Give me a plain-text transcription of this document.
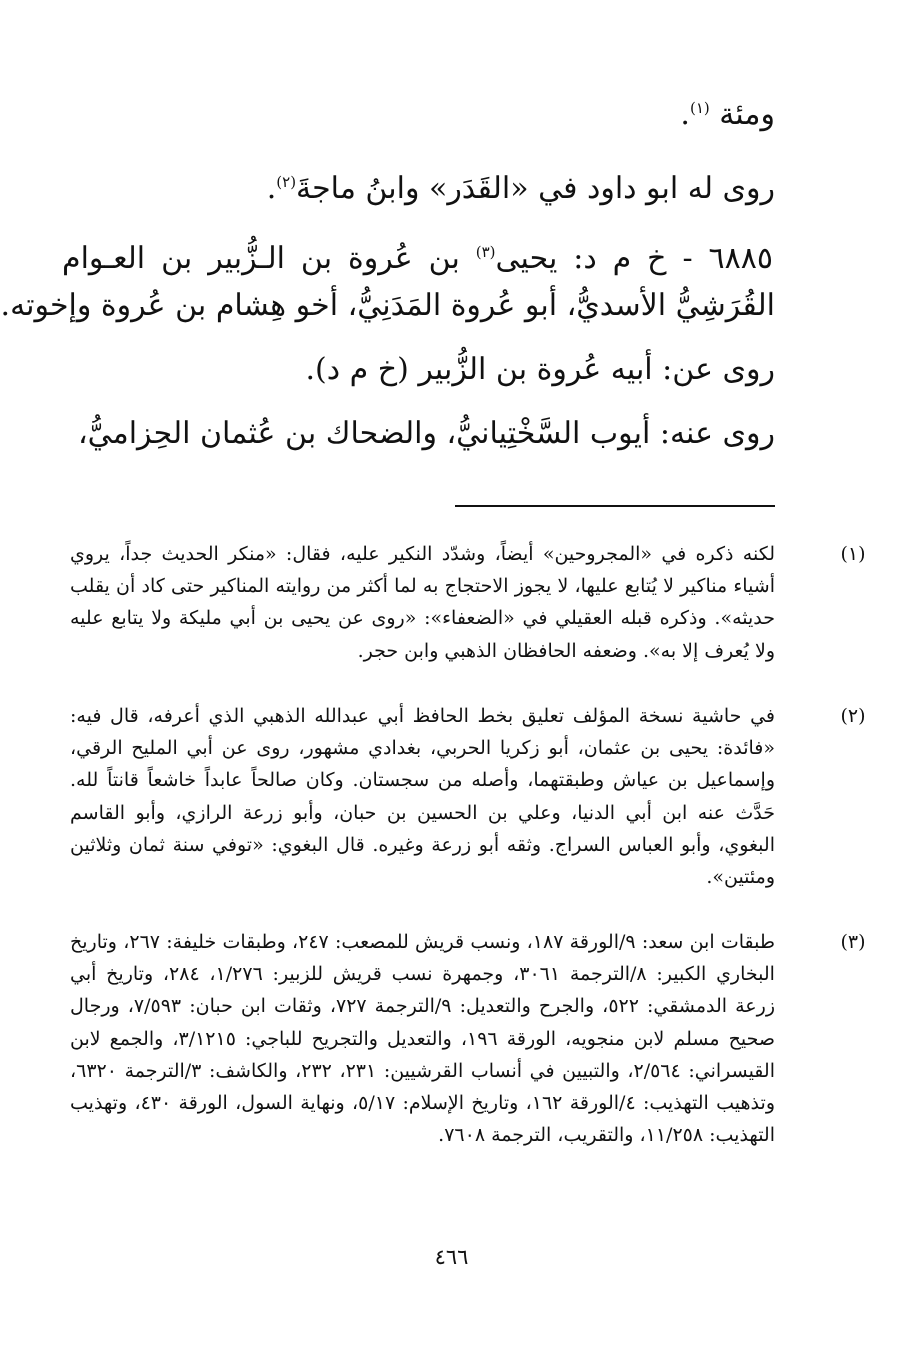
ومئة $^{(١)}$.
روى له ابو داود في «القَدَر» وابنُ ماجةَ$^{(٢)}$.
٦٨٨٥ - خ م د: يحيى$^{(٣)}$ بن عُروة بن الـزُّبير بن العـوام
القُرَشِيُّ الأسديُّ، أبو عُروة المَدَنِيُّ، أخو هِشام بن عُروة وإخوته.
روى عن: أبيه عُروة بن الزُّبير (خ م د).
روى عنه: أيوب السَّخْتِيانيُّ، والضحاك بن عُثمان الحِزاميُّ،
(١)
لكنه ذكره في «المجروحين» أيضاً، وشدّد النكير عليه، فقال: «منكر الحديث جداً، يروي أشياء مناكير لا يُتابع عليها، لا يجوز الاحتجاج به لما أكثر من روايته المناكير حتى كاد أن يقلب حديثه». وذكره قبله العقيلي في «الضعفاء»: «روى عن يحيى بن أبي مليكة ولا يتابع عليه ولا يُعرف إلا به». وضعفه الحافظان الذهبي وابن حجر.
(٢)
في حاشية نسخة المؤلف تعليق بخط الحافظ أبي عبدالله الذهبي الذي أعرفه، قال فيه: «فائدة: يحيى بن عثمان، أبو زكريا الحربي، بغدادي مشهور، روى عن أبي المليح الرقي، وإسماعيل بن عياش وطبقتهما، وأصله من سجستان. وكان صالحاً عابداً خاشعاً قانتاً لله. حَدَّث عنه ابن أبي الدنيا، وعلي بن الحسين بن حبان، وأبو زرعة الرازي، وأبو القاسم البغوي، وأبو العباس السراج. وثقه أبو زرعة وغيره. قال البغوي: «توفي سنة ثمان وثلاثين ومئتين».
(٣)
طبقات ابن سعد: ٩/الورقة ١٨٧، ونسب قريش للمصعب: ٢٤٧، وطبقات خليفة: ٢٦٧، وتاريخ البخاري الكبير: ٨/الترجمة ٣٠٦١، وجمهرة نسب قريش للزبير: ١/٢٧٦، ٢٨٤، وتاريخ أبي زرعة الدمشقي: ٥٢٢، والجرح والتعديل: ٩/الترجمة ٧٢٧، وثقات ابن حبان: ٧/٥٩٣، ورجال صحيح مسلم لابن منجويه، الورقة ١٩٦، والتعديل والتجريح للباجي: ٣/١٢١٥، والجمع لابن القيسراني: ٢/٥٦٤، والتبيين في أنساب القرشيين: ٢٣١، ٢٣٢، والكاشف: ٣/الترجمة ٦٣٢٠، وتذهيب التهذيب: ٤/الورقة ١٦٢، وتاريخ الإسلام: ٥/١٧، ونهاية السول، الورقة ٤٣٠، وتهذيب التهذيب: ١١/٢٥٨، والتقريب، الترجمة ٧٦٠٨.
٤٦٦
